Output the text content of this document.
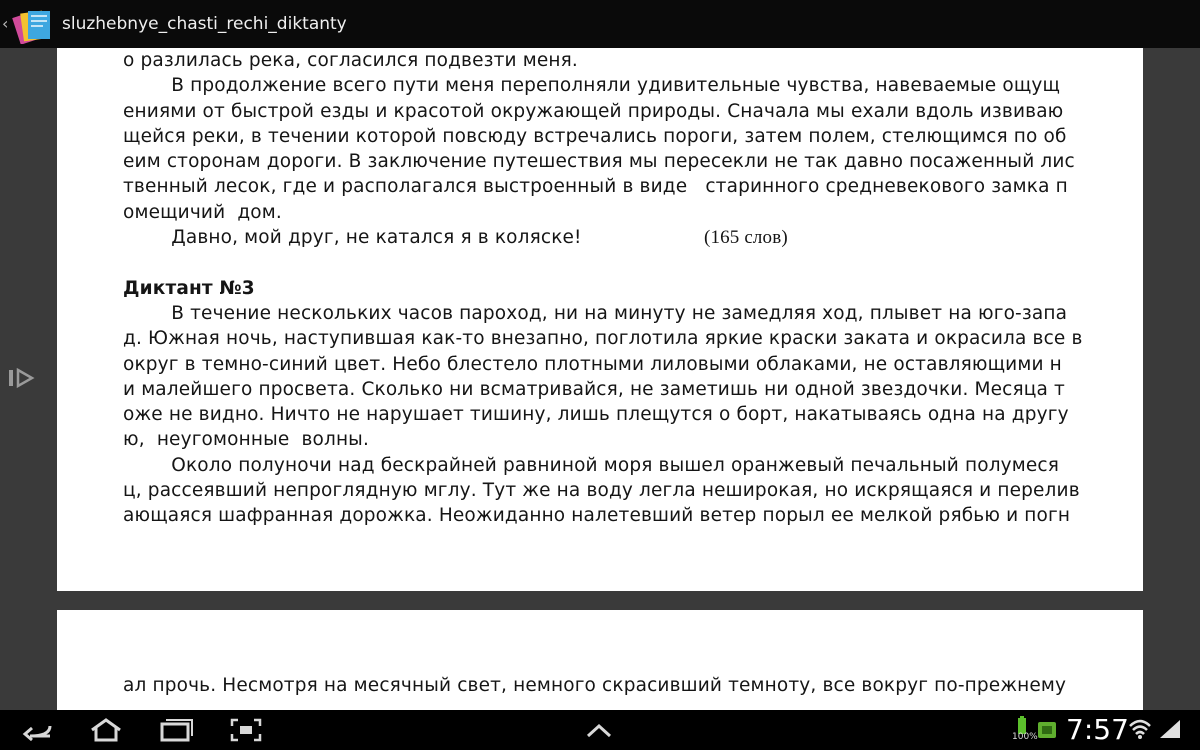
‹	sluzhebnye_chasti_rechi_diktanty
о разлилась река, согласился подвезти меня.
В продолжение всего пути меня переполняли удивительные чувства, навеваемые ощущ
ениями от быстрой езды и красотой окружающей природы. Сначала мы ехали вдоль извиваю
щейся реки, в течении которой повсюду встречались пороги, затем полем, стелющимся по об
еим сторонам дороги. В заключение путешествия мы пересекли не так давно посаженный лис
твенный лесок, где и располагался выстроенный в виде   старинного средневекового замка п
омещичий  дом.
Давно, мой друг, не катался я в коляске!	(165 слов)
Диктант №3
В течение нескольких часов пароход, ни на минуту не замедляя ход, плывет на юго-запа
д. Южная ночь, наступившая как-то внезапно, поглотила яркие краски заката и окрасила все в
округ в темно-синий цвет. Небо блестело плотными лиловыми облаками, не оставляющими н
и малейшего просвета. Сколько ни всматривайся, не заметишь ни одной звездочки. Месяца т
оже не видно. Ничто не нарушает тишину, лишь плещутся о борт, накатываясь одна на другу
ю,  неугомонные  волны.
Около полуночи над бескрайней равниной моря вышел оранжевый печальный полумеся
ц, рассеявший непроглядную мглу. Тут же на воду легла неширокая, но искрящаяся и перелив
ающаяся шафранная дорожка. Неожиданно налетевший ветер порыл ее мелкой рябью и погн
ал прочь. Несмотря на месячный свет, немного скрасивший темноту, все вокруг по-прежнему
100% 7:57
